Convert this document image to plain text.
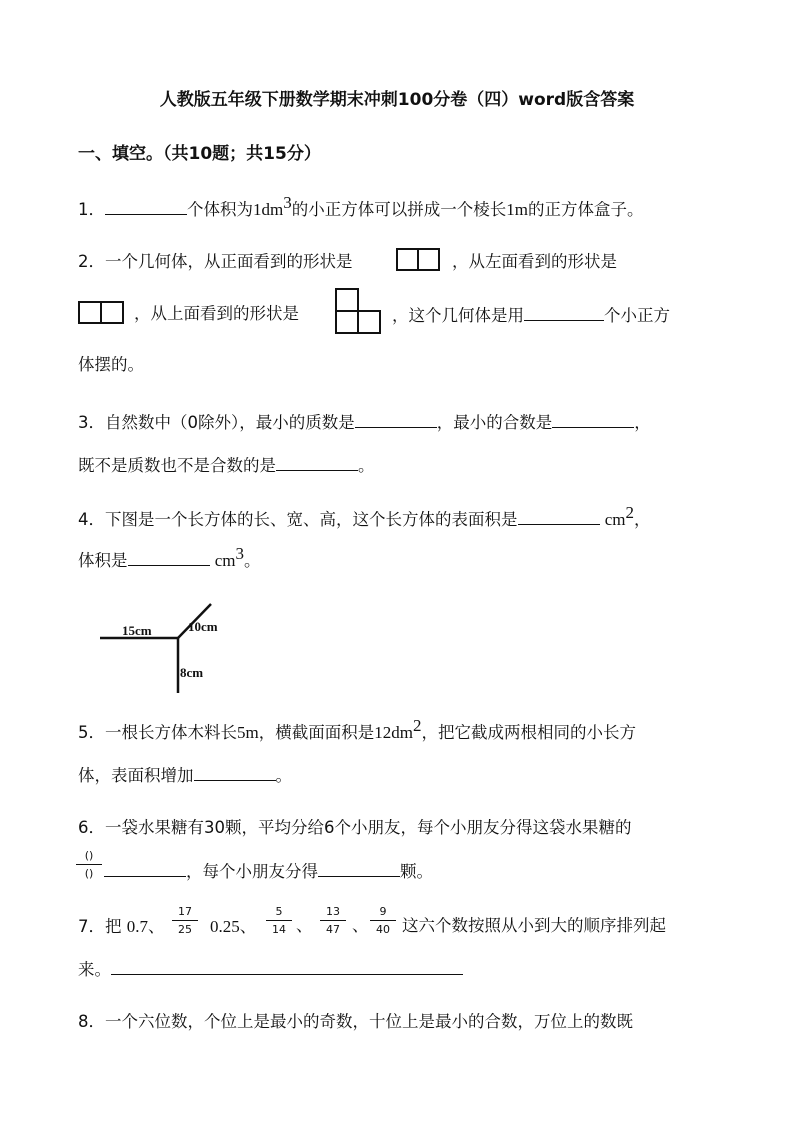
人教版五年级下册数学期末冲刺100分卷（四）word版含答案
一、填空。（共10题；共15分）
1．	个体积为$1dm^3$的小正方体可以拼成一个棱长1m的正方体盒子。
2．一个几何体，从正面看到的形状是	，从左面看到的形状是
，从上面看到的形状是	，这个几何体是用	个小正方
体摆的。
3．自然数中（0除外），最小的质数是	，最小的合数是	，
既不是质数也不是合数的是	。
4．下图是一个长方体的长、宽、高，这个长方体的表面积是	$cm^2$，
体积是	$cm^3$。
15cm	10cm
8cm
5．一根长方体木料长5m，横截面面积是$12dm^2$，把它截成两根相同的小长方
体，表面积增加	。
6．一袋水果糖有30颗，平均分给6个小朋友，每个小朋友分得这袋水果糖的
()
()	，每个小朋友分得	颗。
7．把 0.7、 $\frac{17}{25} 0.25$、 $\frac{5}{14}$ 、 $\frac{13}{47}$ 、 $\frac{9}{40}$ 这六个数按照从小到大的顺序排列起
来。
8．一个六位数，个位上是最小的奇数，十位上是最小的合数，万位上的数既
